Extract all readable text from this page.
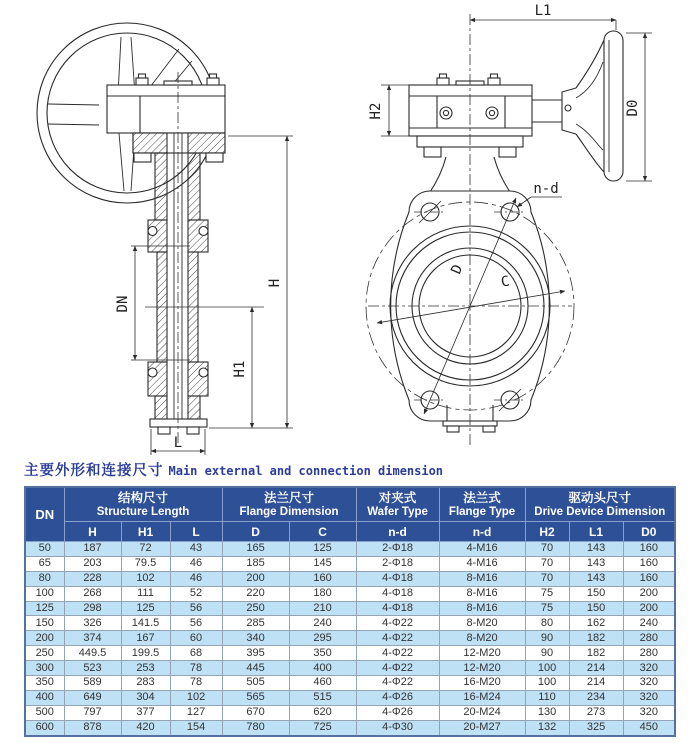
H
H1
DN
L
L1
H2	D0
D
C
n-d
主要外形和连接尺寸 Main external and connection dimension
DN	
结构尺寸
Structure Length

法兰尺寸
Flange Dimension

对夹式
Wafer Type

法兰式
Flange Type

驱动头尺寸
Drive Device Dimension

	H	H1	L	D	C	n-d	n-d	H2	L1	D0
50	187	72	43	165	125	2-Φ18	4-M16	70	143	160
65	203	79.5	46	185	145	2-Φ18	4-M16	70	143	160
80	228	102	46	200	160	4-Φ18	8-M16	70	143	160
100	268	111	52	220	180	4-Φ18	8-M16	75	150	200
125	298	125	56	250	210	4-Φ18	8-M16	75	150	200
150	326	141.5	56	285	240	4-Φ22	8-M20	80	162	240
200	374	167	60	340	295	4-Φ22	8-M20	90	182	280
250	449.5	199.5	68	395	350	4-Φ22	12-M20	90	182	280
300	523	253	78	445	400	4-Φ22	12-M20	100	214	320
350	589	283	78	505	460	4-Φ22	16-M20	100	214	320
400	649	304	102	565	515	4-Φ26	16-M24	110	234	320
500	797	377	127	670	620	4-Φ26	20-M24	130	273	320
600	878	420	154	780	725	4-Φ30	20-M27	132	325	450
